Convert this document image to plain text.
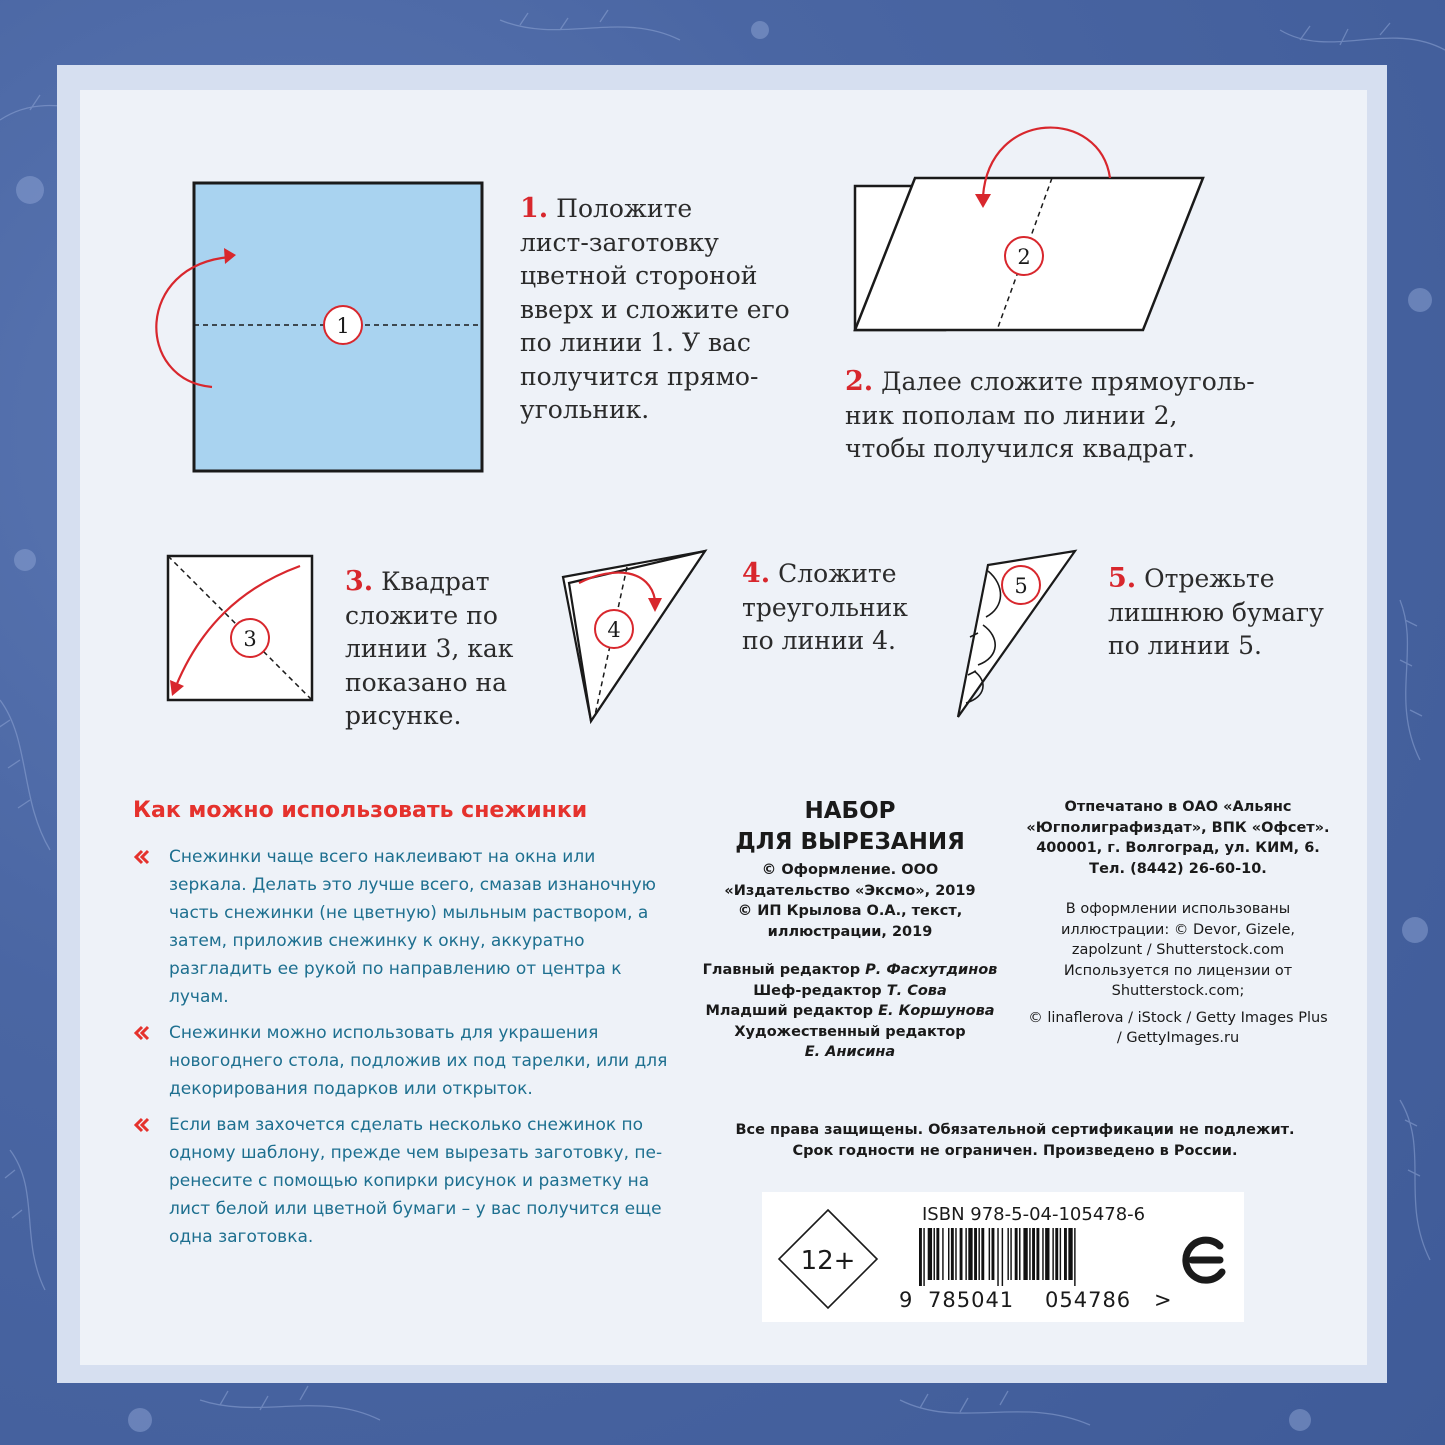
1
1. Положите
лист-заготовку
цветной стороной
вверх и сложите его
по линии 1. У вас
получится прямо-
угольник.
2
2. Далее сложите прямоуголь-
ник пополам по линии 2,
чтобы получился квадрат.
3
3. Квадрат
сложите по
линии 3, как
показано на
рисунке.
4
4. Сложите
треугольник
по линии 4.
5	5. Отрежьте
лишнюю бумагу
по линии 5.
Как можно использовать снежинки
Снежинки чаще всего наклеивают на окна или зеркала. Делать это лучше всего, смазав изнаночную часть снежинки (не цветную) мыльным раствором, а затем, приложив снежинку к окну, аккуратно разгладить ее рукой по направлению от центра к лучам.
Снежинки можно использовать для украшения новогоднего стола, подложив их под тарелки, или для декорирования подарков или открыток.
Если вам захочется сделать несколько снежинок по одному шаблону, прежде чем вырезать заготовку, пе-ренесите с помощью копирки рисунок и разметку на лист белой или цветной бумаги – у вас получится еще одна заготовка.
НАБОР
ДЛЯ ВЫРЕЗАНИЯ
© Оформление. ООО «Издательство «Эксмо», 2019
© ИП Крылова О.А., текст, иллюстрации, 2019
Главный редактор Р. Фасхутдинов
Шеф-редактор Т. Сова
Младший редактор Е. Коршунова
Художественный редактор
Е. Анисина
Отпечатано в ОАО «Альянс «Югполиграфиздат», ВПК «Офсет». 400001, г. Волгоград, ул. КИМ, 6. Тел. (8442) 26-60-10.
В оформлении использованы иллюстрации: © Devor, Gizele, zapolzunt / Shutterstock.com Используется по лицензии от Shutterstock.com;
© linaflerova / iStock / Getty Images Plus / GettyImages.ru
Все права защищены. Обязательной сертификации не подлежит.
Срок годности не ограничен. Произведено в России.
12+
ISBN 978-5-04-105478-6
9 785041	054786	>
